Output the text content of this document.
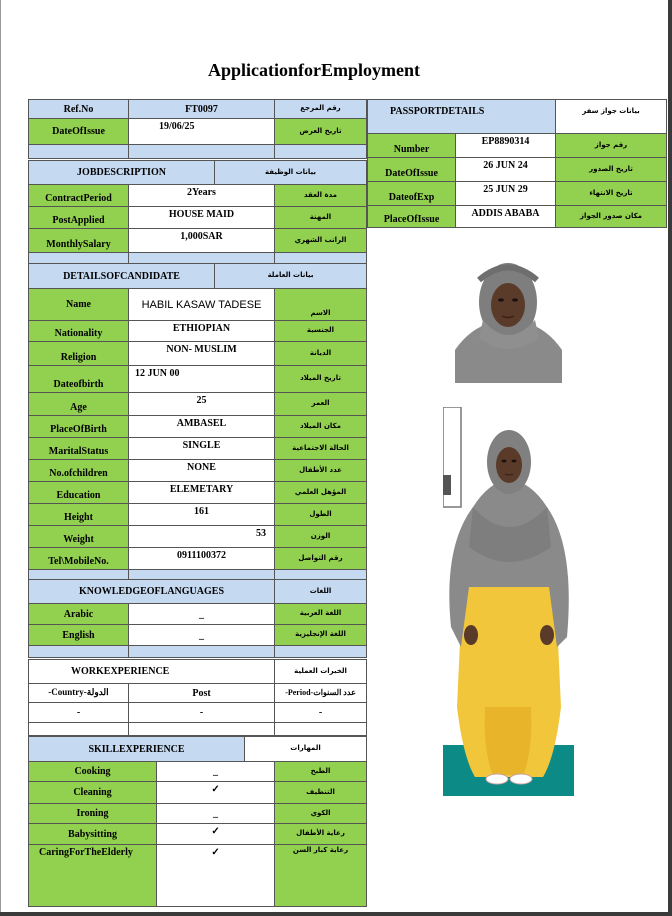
ApplicationforEmployment
Ref.No	FT0097	رقم المرجع
DateOfIssue	19/06/25	تاريخ العرض

JOBDESCRIPTION		بيانات الوظيفة	
ContractPeriod	2Years		مدة العقد
PostApplied	HOUSE MAID		المهنة
MonthlySalary	1,000SAR		الراتب الشهري

DETAILSOFCANDIDATE		بيانات العاملة	
Name	HABIL KASAW TADESE		الاسم
Nationality	ETHIOPIAN		الجنسية
Religion	NON- MUSLIM		الديانة
Dateofbirth	12 JUN 00		تاريخ الميلاد
Age	25		العمر
PlaceOfBirth	AMBASEL		مكان الميلاد
MaritalStatus	SINGLE		الحالة الاجتماعية
No.ofchildren	NONE		عدد الأطفال
Education	ELEMETARY		المؤهل العلمي
Height	161		الطول
Weight	53		الوزن
Tel\MobileNo.	0911100372		رقم التواصل

KNOWLEDGEOFLANGUAGES		اللغات
Arabic	_	اللغة العربية
English	_	اللغة الإنجليزية

WORKEXPERIENCE		الخبرات العملية
-Country-الدولة	Post	-Period-عدد السنوات
-	-	-

SKILLEXPERIENCE		المهارات	
Cooking	_		الطبخ
Cleaning	✓		التنظيف
Ironing	_		الكوي
Babysitting	✓		رعاية الأطفال
CaringForTheElderly	✓		رعاية كبار السن
PASSPORTDETAILS		بيانات جواز سفر
Number	EP8890314	رقم جواز
DateOfIssue	26 JUN 24	تاريخ الصدور
DateofExp	25 JUN 29	تاريخ الانتهاء
PlaceOfIssue	ADDIS ABABA	مكان صدور الجواز
